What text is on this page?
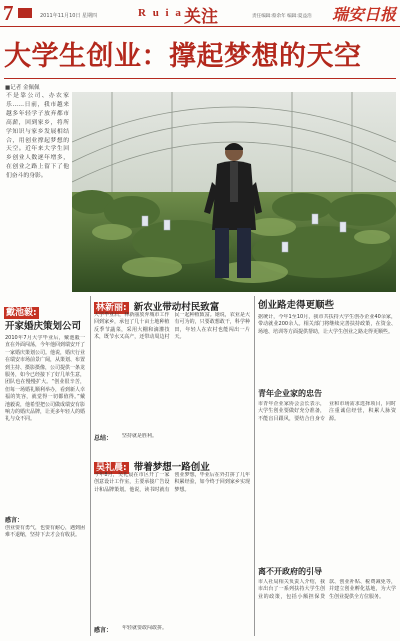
7	2011年11月10日 星期四	R u i a n
关注	责任编辑:蔡余年 编辑:夏益浩 瑞安日报
大学生创业：撑起梦想的天空
■记者 金佩佩
不是靠公司、办农家乐……日前，我市越来越多年轻学子放弃都市高薪，回到家乡，将所学知识与家乡发展相结合，用创业撑起梦想的天空。近年来大学生回乡创业人数逐年增多，在创业之路上留下了他们奋斗的身影。
戴池毅:
开家婚庆策划公司
2010年7月大学毕业后，戴池毅一直在外面闯荡，今年他回到瑞安开了一家婚庆策划公司。他说，婚庆行业在瑞安市场前景广阔，从策划、布置到主持、摄影摄像，公司提供一条龙服务，如今已经接下了好几单生意，团队也在慢慢扩大。“创业很辛苦，但每一场婚礼顺利举办，看到新人幸福的笑容，就觉得一切都值得。”戴池毅说，他希望把公司做成瑞安有影响力的婚庆品牌，让更多年轻人的婚礼与众不同。
感言：
创业要有勇气，也要有耐心，遇到困难不退缩，坚持下去才会有收获。
林新丽: 新农业带动村民致富
大学毕业后，林新丽放弃城市工作回到家乡，承包了几十亩土地种植反季节蔬菜，采用大棚和滴灌技术，既节水又高产，还带动周边村民一起种植致富。她说，农业是大有可为的，只要敢想敢干，科学种田，年轻人在农村也能闯出一片天。
总结： 坚持就是胜利。
吴礼晨: 带着梦想一路创业
今年8月，吴礼晨在市区开了一家创意设计工作室，主要承接广告设计和品牌策划。他说，读书时就有创业梦想，毕业后在外打拼了几年积累经验，如今终于回到家乡实现梦想。
感言： 年轻就要敢闯敢拼。
创业路走得更顺些
据统计，今年1至10月，我市共扶持大学生创办企业40余家，带动就业200余人。相关部门将继续完善扶持政策，在资金、场地、培训等方面提供帮助，让大学生创业之路走得更顺些。
青年企业家的忠告
市青年企业家协会会长表示，大学生创业要做好充分准备，不能盲目跟风，要结合自身专业和市场需求选择项目，同时注重诚信经营，积累人脉资源。
离不开政府的引导
市人社局相关负责人介绍，我市出台了一系列扶持大学生创业的政策，包括小额担保贷款、创业补贴、税费减免等，并建立创业孵化基地，为大学生创业提供全方位服务。
